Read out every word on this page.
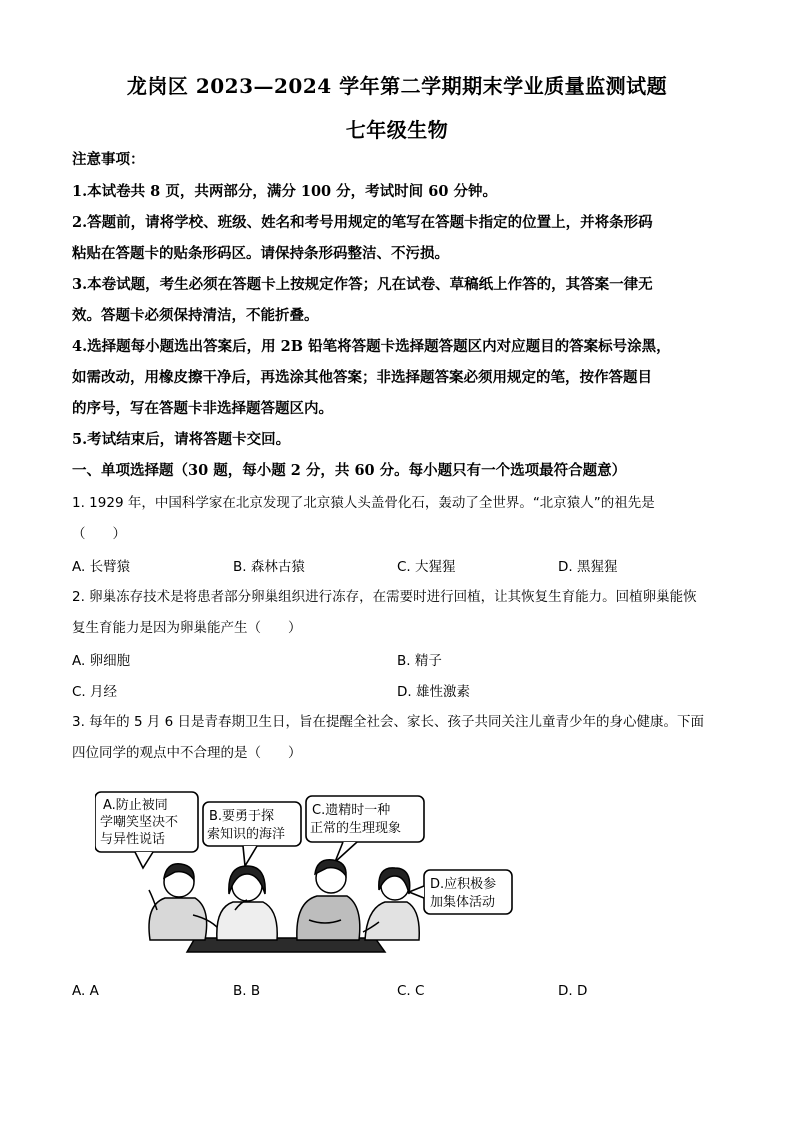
龙岗区 2023—2024 学年第二学期期末学业质量监测试题
七年级生物
注意事项：
1.本试卷共 8 页，共两部分，满分 100 分，考试时间 60 分钟。
2.答题前，请将学校、班级、姓名和考号用规定的笔写在答题卡指定的位置上，并将条形码
粘贴在答题卡的贴条形码区。请保持条形码整洁、不污损。
3.本卷试题，考生必须在答题卡上按规定作答；凡在试卷、草稿纸上作答的，其答案一律无
效。答题卡必须保持清洁，不能折叠。
4.选择题每小题选出答案后，用 2B 铅笔将答题卡选择题答题区内对应题目的答案标号涂黑，
如需改动，用橡皮擦干净后，再选涂其他答案；非选择题答案必须用规定的笔，按作答题目
的序号，写在答题卡非选择题答题区内。
5.考试结束后，请将答题卡交回。
一、单项选择题（30 题，每小题 2 分，共 60 分。每小题只有一个选项最符合题意）
1. 1929 年，中国科学家在北京发现了北京猿人头盖骨化石，轰动了全世界。“北京猿人”的祖先是
（　　）
A. 长臂猿	B. 森林古猿	C. 大猩猩	D. 黑猩猩
2. 卵巢冻存技术是将患者部分卵巢组织进行冻存，在需要时进行回植，让其恢复生育能力。回植卵巢能恢
复生育能力是因为卵巢能产生（　　）
A. 卵细胞	B. 精子
C. 月经	D. 雄性激素
3. 每年的 5 月 6 日是青春期卫生日，旨在提醒全社会、家长、孩子共同关注儿童青少年的身心健康。下面
四位同学的观点中不合理的是（　　）
A.防止被同
学嘲笑坚决不
与异性说话
B.要勇于探
索知识的海洋
C.遗精时一种
正常的生理现象
D.应积极参
加集体活动
A. A	B. B	C. C	D. D
